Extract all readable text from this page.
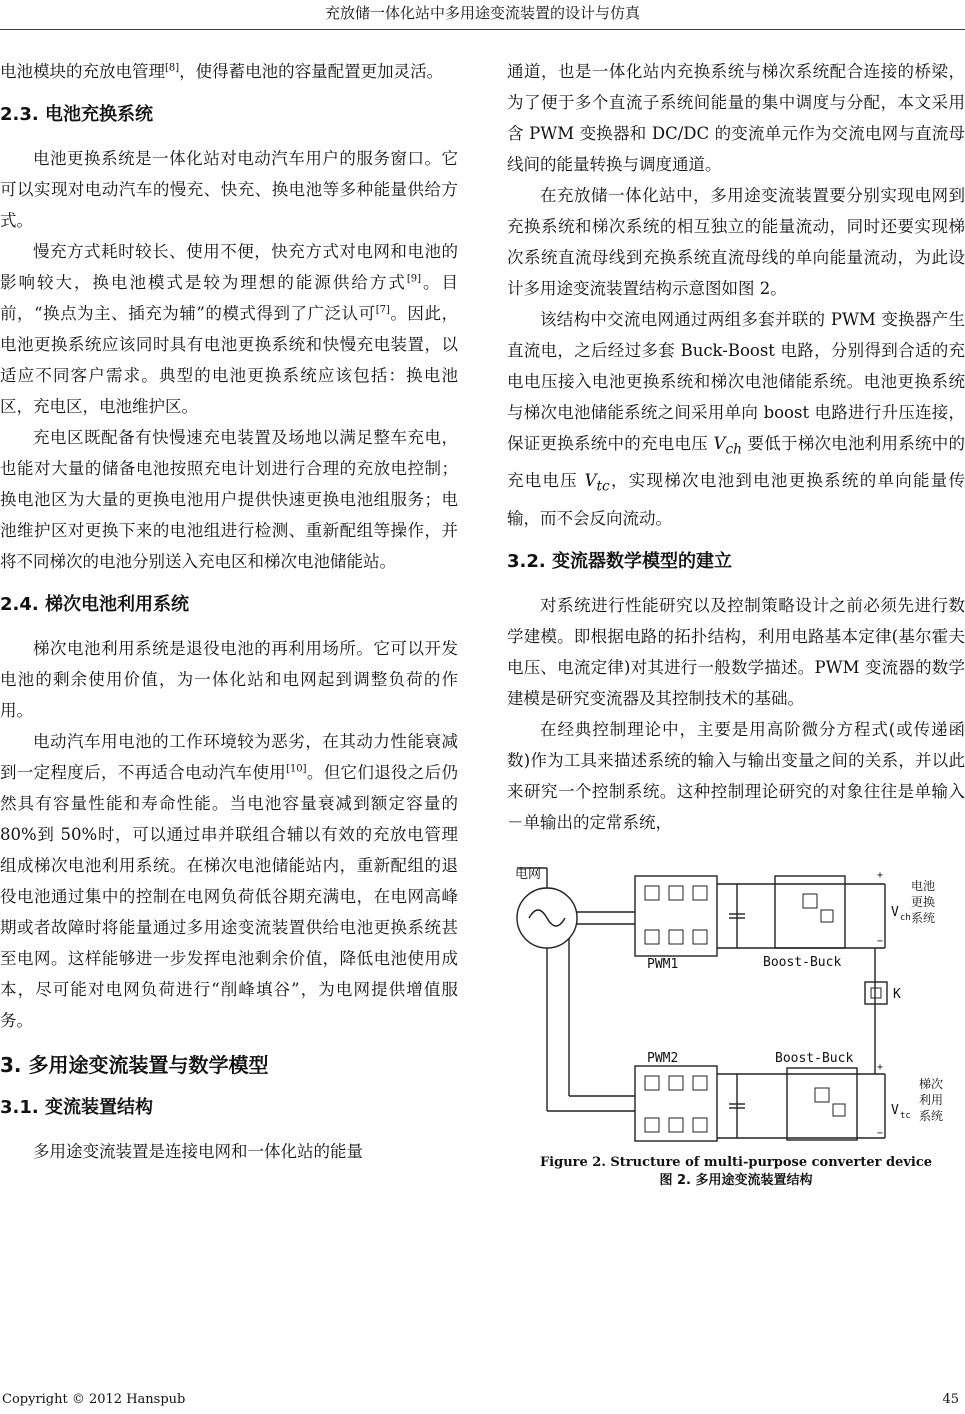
充放储一体化站中多用途变流装置的设计与仿真

电池模块的充放电管理[8]，使得蓄电池的容量配置更加灵活。

2.3. 电池充换系统

电池更换系统是一体化站对电动汽车用户的服务窗口。它可以实现对电动汽车的慢充、快充、换电池等多种能量供给方式。

慢充方式耗时较长、使用不便，快充方式对电网和电池的影响较大，换电池模式是较为理想的能源供给方式[9]。目前，“换点为主、插充为辅”的模式得到了广泛认可[7]。因此，电池更换系统应该同时具有电池更换系统和快慢充电装置，以适应不同客户需求。典型的电池更换系统应该包括：换电池区，充电区，电池维护区。

充电区既配备有快慢速充电装置及场地以满足整车充电，也能对大量的储备电池按照充电计划进行合理的充放电控制；换电池区为大量的更换电池用户提供快速更换电池组服务；电池维护区对更换下来的电池组进行检测、重新配组等操作，并将不同梯次的电池分别送入充电区和梯次电池储能站。

2.4. 梯次电池利用系统

梯次电池利用系统是退役电池的再利用场所。它可以开发电池的剩余使用价值，为一体化站和电网起到调整负荷的作用。

电动汽车用电池的工作环境较为恶劣，在其动力性能衰减到一定程度后，不再适合电动汽车使用[10]。但它们退役之后仍然具有容量性能和寿命性能。当电池容量衰减到额定容量的 80%到 50%时，可以通过串并联组合辅以有效的充放电管理组成梯次电池利用系统。在梯次电池储能站内，重新配组的退役电池通过集中的控制在电网负荷低谷期充满电，在电网高峰期或者故障时将能量通过多用途变流装置供给电池更换系统甚至电网。这样能够进一步发挥电池剩余价值，降低电池使用成本，尽可能对电网负荷进行“削峰填谷”，为电网提供增值服务。

3. 多用途变流装置与数学模型
3.1. 变流装置结构

多用途变流装置是连接电网和一体化站的能量

通道，也是一体化站内充换系统与梯次系统配合连接的桥梁，为了便于多个直流子系统间能量的集中调度与分配，本文采用含 PWM 变换器和 DC/DC 的变流单元作为交流电网与直流母线间的能量转换与调度通道。

在充放储一体化站中，多用途变流装置要分别实现电网到充换系统和梯次系统的相互独立的能量流动，同时还要实现梯次系统直流母线到充换系统直流母线的单向能量流动，为此设计多用途变流装置结构示意图如图 2。

该结构中交流电网通过两组多套并联的 PWM 变换器产生直流电，之后经过多套 Buck-Boost 电路，分别得到合适的充电电压接入电池更换系统和梯次电池储能系统。电池更换系统与梯次电池储能系统之间采用单向 boost 电路进行升压连接，保证更换系统中的充电电压 $V_{ch}$ 要低于梯次电池利用系统中的充电电压 $V_{tc}$，实现梯次电池到电池更换系统的单向能量传输，而不会反向流动。

3.2. 变流器数学模型的建立

对系统进行性能研究以及控制策略设计之前必须先进行数学建模。即根据电路的拓扑结构，利用电路基本定律(基尔霍夫电压、电流定律)对其进行一般数学描述。PWM 变流器的数学建模是研究变流器及其控制技术的基础。

在经典控制理论中，主要是用高阶微分方程式(或传递函数)作为工具来描述系统的输入与输出变量之间的关系，并以此来研究一个控制系统。这种控制理论研究的对象往往是单输入－单输出的定常系统，

电网
PWM1
PWM2
Boost-Buck
Boost-Buck
K
+
−
V ch
+
−
V tc
电池
更换
系统
梯次
利用
系统
Figure 2. Structure of multi-purpose converter device
图 2. 多用途变流装置结构
Copyright © 2012 Hanspub	45
